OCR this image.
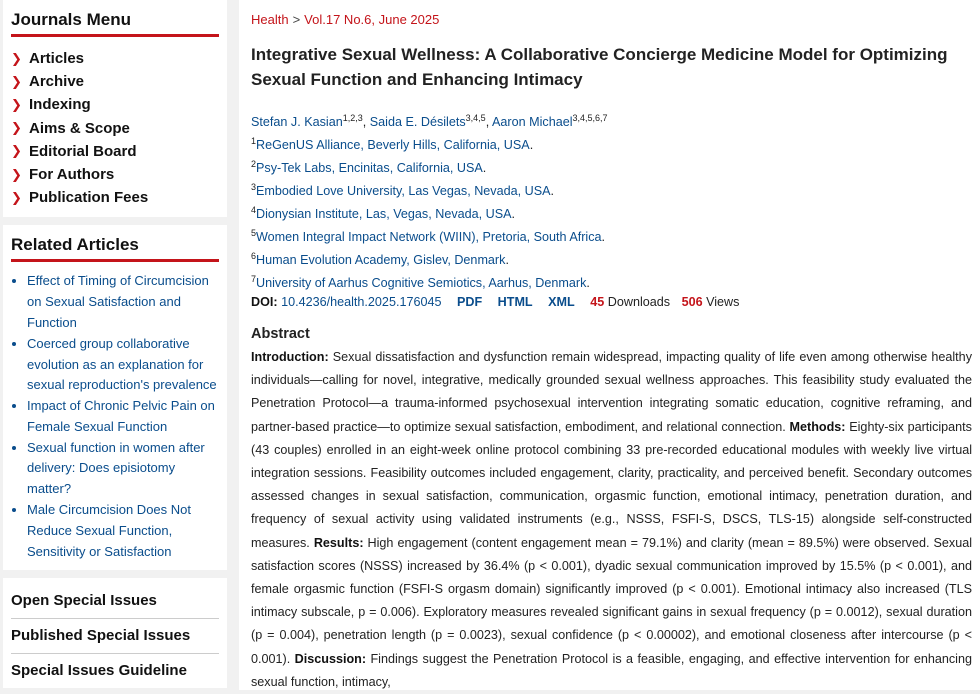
Journals Menu
❯ Articles
❯ Archive
❯ Indexing
❯ Aims & Scope
❯ Editorial Board
❯ For Authors
❯ Publication Fees
Related Articles
• Effect of Timing of Circumcision on Sexual Satisfaction and Function
• Coerced group collaborative evolution as an explanation for sexual reproduction's prevalence
• Impact of Chronic Pelvic Pain on Female Sexual Function
• Sexual function in women after delivery: Does episiotomy matter?
• Male Circumcision Does Not Reduce Sexual Function, Sensitivity or Satisfaction
Open Special Issues
Published Special Issues
Special Issues Guideline
Health > Vol.17 No.6, June 2025
Integrative Sexual Wellness: A Collaborative Concierge Medicine Model for Optimizing Sexual Function and Enhancing Intimacy
Stefan J. Kasian$^{1,2,3}$, Saida E. Désilets$^{3,4,5}$, Aaron Michael$^{3,4,5,6,7}$
$^1$ReGenUS Alliance, Beverly Hills, California, USA.
$^2$Psy-Tek Labs, Encinitas, California, USA.
$^3$Embodied Love University, Las Vegas, Nevada, USA.
$^4$Dionysian Institute, Las, Vegas, Nevada, USA.
$^5$Women Integral Impact Network (WIIN), Pretoria, South Africa.
$^6$Human Evolution Academy, Gislev, Denmark.
$^7$University of Aarhus Cognitive Semiotics, Aarhus, Denmark.
DOI: 10.4236/health.2025.176045 PDF HTML XML 45 Downloads 506 Views
Abstract
Introduction: Sexual dissatisfaction and dysfunction remain widespread, impacting quality of life even among otherwise healthy individuals—calling for novel, integrative, medically grounded sexual wellness approaches. This feasibility study evaluated the Penetration Protocol—a trauma-informed psychosexual intervention integrating somatic education, cognitive reframing, and partner-based practice—to optimize sexual satisfaction, embodiment, and relational connection. Methods: Eighty-six participants (43 couples) enrolled in an eight-week online protocol combining 33 pre-recorded educational modules with weekly live virtual integration sessions. Feasibility outcomes included engagement, clarity, practicality, and perceived benefit. Secondary outcomes assessed changes in sexual satisfaction, communication, orgasmic function, emotional intimacy, penetration duration, and frequency of sexual activity using validated instruments (e.g., NSSS, FSFI-S, DSCS, TLS-15) alongside self-constructed measures. Results: High engagement (content engagement mean = 79.1%) and clarity (mean = 89.5%) were observed. Sexual satisfaction scores (NSSS) increased by 36.4% (p < 0.001), dyadic sexual communication improved by 15.5% (p < 0.001), and female orgasmic function (FSFI-S orgasm domain) significantly improved (p < 0.001). Emotional intimacy also increased (TLS intimacy subscale, p = 0.006). Exploratory measures revealed significant gains in sexual frequency (p = 0.0012), sexual duration (p = 0.004), penetration length (p = 0.0023), sexual confidence (p < 0.00002), and emotional closeness after intercourse (p < 0.001). Discussion: Findings suggest the Penetration Protocol is a feasible, engaging, and effective intervention for enhancing sexual function, intimacy,
